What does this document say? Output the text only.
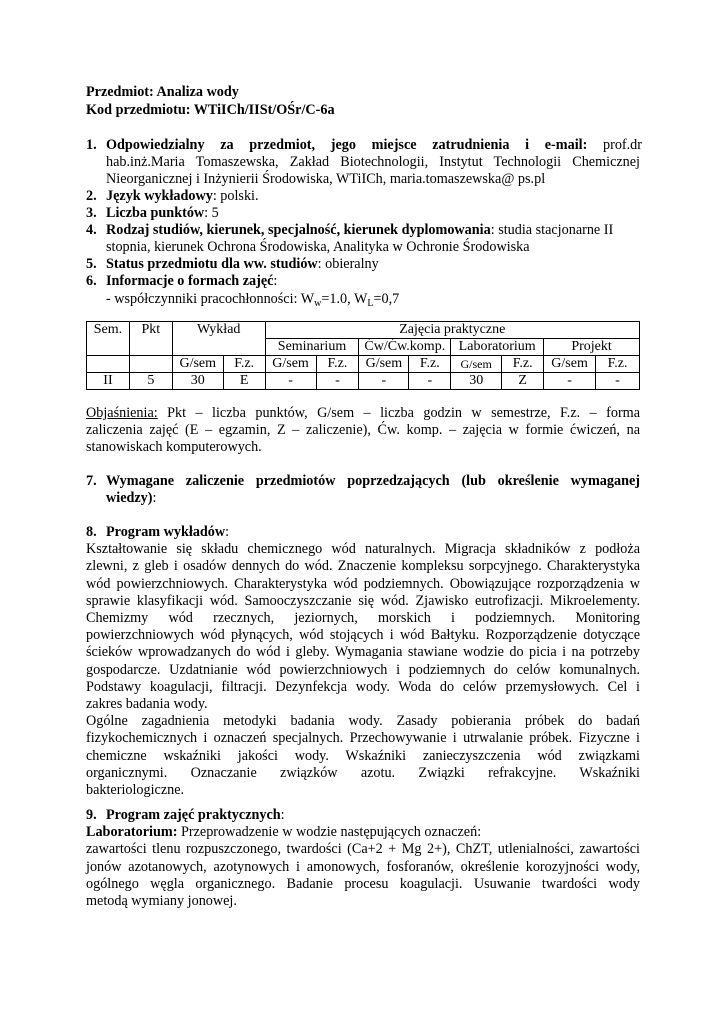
Przedmiot: Analiza wody
Kod przedmiotu: WTiICh/IISt/OŚr/C-6a
1. Odpowiedzialny za przedmiot, jego miejsce zatrudnienia i e-mail: prof.dr
hab.inż.Maria Tomaszewska, Zakład Biotechnologii, Instytut Technologii Chemicznej
Nieorganicznej i Inżynierii Środowiska, WTiICh, maria.tomaszewska@ ps.pl
2. Język wykładowy: polski.
3. Liczba punktów: 5
4. Rodzaj studiów, kierunek, specjalność, kierunek dyplomowania: studia stacjonarne II
stopnia, kierunek Ochrona Środowiska, Analityka w Ochronie Środowiska
5. Status przedmiotu dla ww. studiów: obieralny
6. Informacje o formach zajęć:
- współczynniki pracochłonności: $W_w=1.0$, $W_L=0,7$
Sem.	Pkt	Wykład		Zajęcia praktyczne							
				Seminarium		Ćw/Ćw.komp.		Laboratorium		Projekt	
		G/sem	F.z.	G/sem	F.z.	G/sem	F.z.	G/sem	F.z.	G/sem	F.z.
II	5	30	E	-	-	-	-	30	Z	-	-
Objaśnienia: Pkt – liczba punktów, G/sem – liczba godzin w semestrze, F.z. – forma
zaliczenia zajęć (E – egzamin, Z – zaliczenie), Ćw. komp. – zajęcia w formie ćwiczeń, na
stanowiskach komputerowych.
7. Wymagane zaliczenie przedmiotów poprzedzających (lub określenie wymaganej
wiedzy):
8. Program wykładów:
Kształtowanie się składu chemicznego wód naturalnych. Migracja składników z podłoża
zlewni, z gleb i osadów dennych do wód. Znaczenie kompleksu sorpcyjnego. Charakterystyka
wód powierzchniowych. Charakterystyka wód podziemnych. Obowiązujące rozporządzenia w
sprawie klasyfikacji wód. Samooczyszczanie się wód. Zjawisko eutrofizacji. Mikroelementy.
Chemizmy wód rzecznych, jeziornych, morskich i podziemnych. Monitoring
powierzchniowych wód płynących, wód stojących i wód Bałtyku. Rozporządzenie dotyczące
ścieków wprowadzanych do wód i gleby. Wymagania stawiane wodzie do picia i na potrzeby
gospodarcze. Uzdatnianie wód powierzchniowych i podziemnych do celów komunalnych.
Podstawy koagulacji, filtracji. Dezynfekcja wody. Woda do celów przemysłowych. Cel i
zakres badania wody.
Ogólne zagadnienia metodyki badania wody. Zasady pobierania próbek do badań
fizykochemicznych i oznaczeń specjalnych. Przechowywanie i utrwalanie próbek. Fizyczne i
chemiczne wskaźniki jakości wody. Wskaźniki zanieczyszczenia wód związkami
organicznymi. Oznaczanie związków azotu. Związki refrakcyjne. Wskaźniki
bakteriologiczne.
9. Program zajęć praktycznych:
Laboratorium: Przeprowadzenie w wodzie następujących oznaczeń:
zawartości tlenu rozpuszczonego, twardości (Ca+2 + Mg 2+), ChZT, utlenialności, zawartości
jonów azotanowych, azotynowych i amonowych, fosforanów, określenie korozyjności wody,
ogólnego węgla organicznego. Badanie procesu koagulacji. Usuwanie twardości wody
metodą wymiany jonowej.
